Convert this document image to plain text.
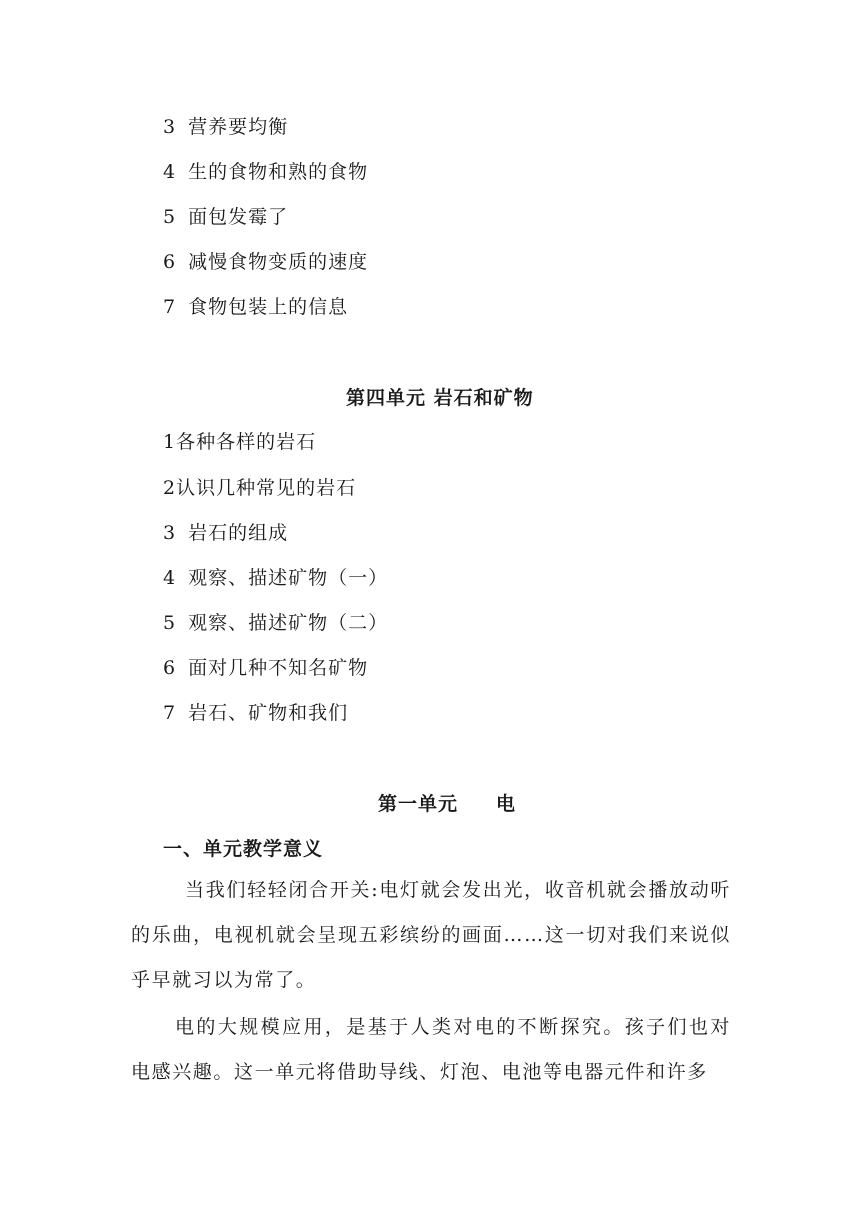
3 营养要均衡
4 生的食物和熟的食物
5 面包发霉了
6 减慢食物变质的速度
7 食物包装上的信息
第四单元 岩石和矿物
1各种各样的岩石
2认识几种常见的岩石
3 岩石的组成
4 观察、描述矿物（一）
5 观察、描述矿物（二）
6 面对几种不知名矿物
7 岩石、矿物和我们
第一单元 电
一、单元教学意义
当我们轻轻闭合开关:电灯就会发出光，收音机就会播放动听的乐曲，电视机就会呈现五彩缤纷的画面……这一切对我们来说似乎早就习以为常了。
电的大规模应用，是基于人类对电的不断探究。孩子们也对电感兴趣。这一单元将借助导线、灯泡、电池等电器元件和许多
